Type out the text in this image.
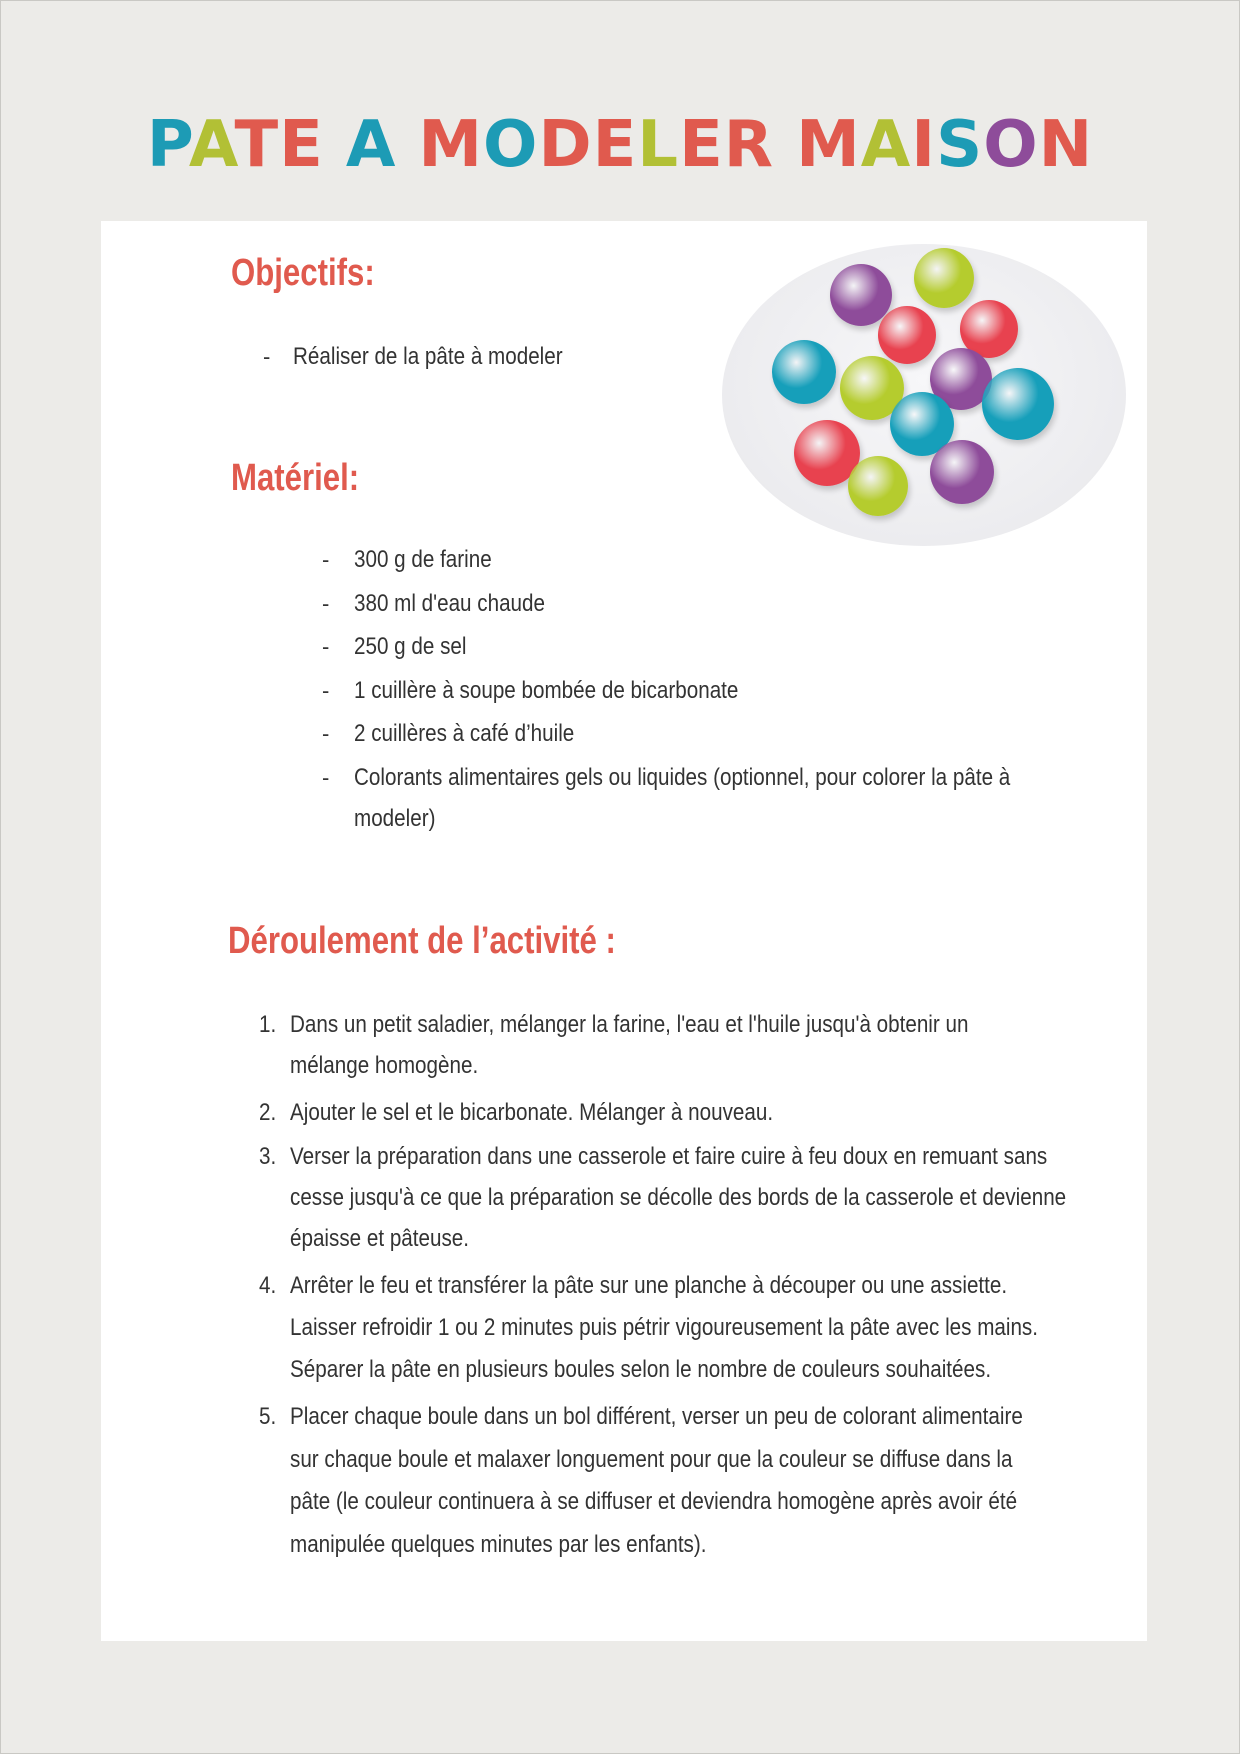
PATE A MODELER MAISON
Objectifs:
- Réaliser de la pâte à modeler
Matériel:
- 300 g de farine
- 380 ml d'eau chaude
- 250 g de sel
- 1 cuillère à soupe bombée de bicarbonate
- 2 cuillères à café d’huile
- Colorants alimentaires gels ou liquides (optionnel, pour colorer la pâte à
modeler)
Déroulement de l’activité :
1. Dans un petit saladier, mélanger la farine, l'eau et l'huile jusqu'à obtenir un
mélange homogène.
2. Ajouter le sel et le bicarbonate. Mélanger à nouveau.
3. Verser la préparation dans une casserole et faire cuire à feu doux en remuant sans
cesse jusqu'à ce que la préparation se décolle des bords de la casserole et devienne
épaisse et pâteuse.
4. Arrêter le feu et transférer la pâte sur une planche à découper ou une assiette.
Laisser refroidir 1 ou 2 minutes puis pétrir vigoureusement la pâte avec les mains.
Séparer la pâte en plusieurs boules selon le nombre de couleurs souhaitées.
5. Placer chaque boule dans un bol différent, verser un peu de colorant alimentaire
sur chaque boule et malaxer longuement pour que la couleur se diffuse dans la
pâte (le couleur continuera à se diffuser et deviendra homogène après avoir été
manipulée quelques minutes par les enfants).
